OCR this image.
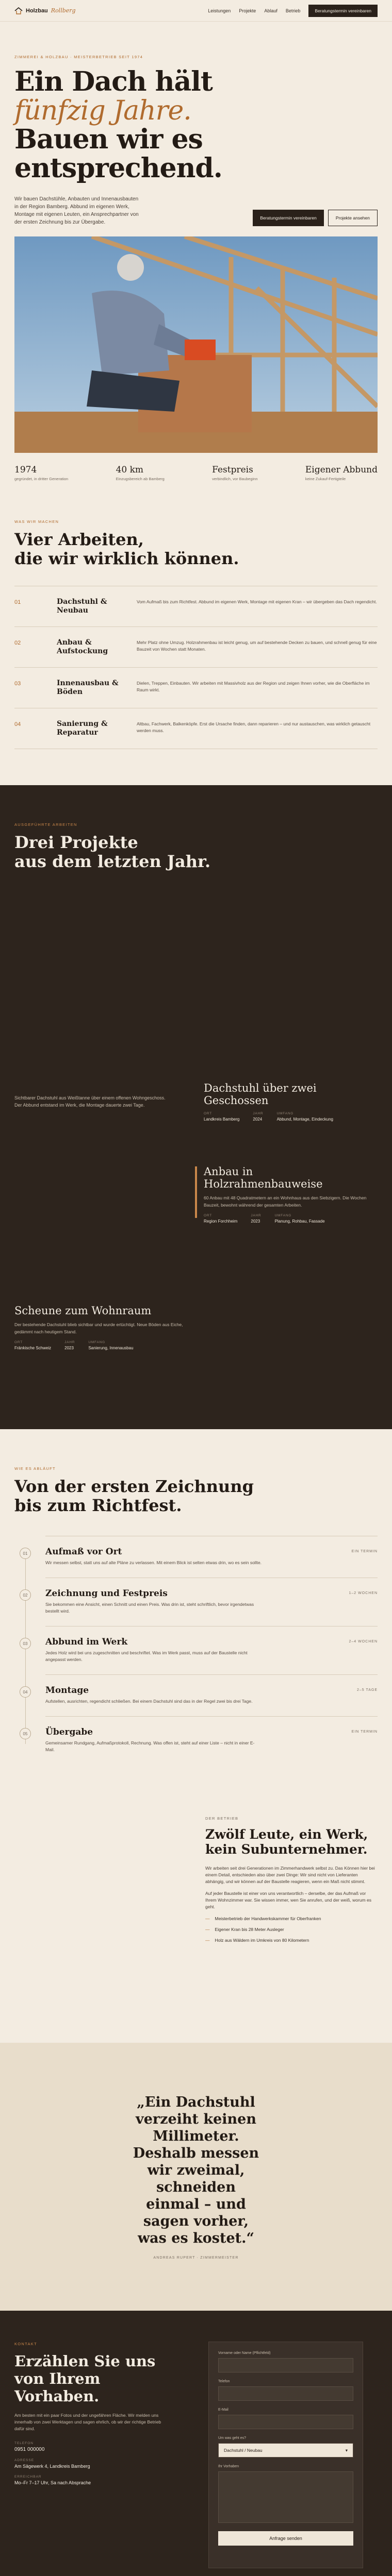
Holzbau Rollberg	Leistungen Projekte Ablauf Betrieb	Beratungstermin vereinbaren
ZIMMEREI & HOLZBAU · MEISTERBETRIEB SEIT 1974
Ein Dach hält
fünfzig Jahre.
Bauen wir es
entsprechend.

Wir bauen Dachstühle, Anbauten und Innenausbauten in der Region Bamberg. Abbund im eigenen Werk, Montage mit eigenen Leuten, ein Ansprechpartner von der ersten Zeichnung bis zur Übergabe.

Beratungstermin vereinbaren	Projekte ansehen
1974
gegründet, in dritter Generation
40 km
Einzugsbereich ab Bamberg
Festpreis
verbindlich, vor Baubeginn
Eigener Abbund
keine Zukauf-Fertigteile
WAS WIR MACHEN
Vier Arbeiten,
die wir wirklich können.
01	Dachstuhl & Neubau
Vom Aufmaß bis zum Richtfest. Abbund im eigenen Werk, Montage mit eigenen Kran – wir übergeben das Dach regendicht.
02	Anbau & Aufstockung
Mehr Platz ohne Umzug. Holzrahmenbau ist leicht genug, um auf bestehende Decken zu bauen, und schnell genug für eine Bauzeit von Wochen statt Monaten.
03	Innenausbau & Böden
Dielen, Treppen, Einbauten. Wir arbeiten mit Massivholz aus der Region und zeigen Ihnen vorher, wie die Oberfläche im Raum wirkt.
04	Sanierung & Reparatur
Altbau, Fachwerk, Balkenköpfe. Erst die Ursache finden, dann reparieren – und nur austauschen, was wirklich getauscht werden muss.
AUSGEFÜHRTE ARBEITEN
Drei Projekte
aus dem letzten Jahr.

Sichtbarer Dachstuhl aus Weißtanne über einem offenen Wohngeschoss. Der Abbund entstand im Werk, die Montage dauerte zwei Tage.

Dachstuhl über zwei Geschossen
ORT
Landkreis Bamberg
JAHR
2024
UMFANG
Abbund, Montage, Eindeckung
Anbau in Holzrahmenbauweise

60 Anbau mit 48 Quadratmetern an ein Wohnhaus aus den Siebzigern. Die Wochen Bauzeit, bewohnt während der gesamten Arbeiten.

ORT
Region Forchheim
JAHR
2023
UMFANG
Planung, Rohbau, Fassade
Scheune zum Wohnraum

Der bestehende Dachstuhl blieb sichtbar und wurde ertüchtigt. Neue Böden aus Eiche, gedämmt nach heutigem Stand.

ORT
Fränkische Schweiz
JAHR
2023
UMFANG
Sanierung, Innenausbau
WIE ES ABLÄUFT
Von der ersten Zeichnung
bis zum Richtfest.
01	Aufmaß vor Ort
Wir messen selbst, statt uns auf alte Pläne zu verlassen. Mit einem Blick ist selten etwas drin, wo es sein sollte.
EIN TERMIN
02	Zeichnung und Festpreis
Sie bekommen eine Ansicht, einen Schnitt und einen Preis. Was drin ist, steht schriftlich, bevor irgendetwas bestellt wird.
1–2 WOCHEN
03	Abbund im Werk
Jedes Holz wird bei uns zugeschnitten und beschriftet. Was im Werk passt, muss auf der Baustelle nicht angepasst werden.
2–4 WOCHEN
04	Montage
Aufstellen, ausrichten, regendicht schließen. Bei einem Dachstuhl sind das in der Regel zwei bis drei Tage.
2–5 TAGE
05	Übergabe
Gemeinsamer Rundgang, Aufmaßprotokoll, Rechnung. Was offen ist, steht auf einer Liste – nicht in einer E-Mail.
EIN TERMIN
DER BETRIEB
Zwölf Leute, ein Werk,
kein Subunternehmer.

Wir arbeiten seit drei Generationen im Zimmerhandwerk selbst zu. Das Können hier bei einem Detail, entschieden also über zwei Dinge: Wir sind nicht von Lieferanten abhängig, und wir können auf der Baustelle reagieren, wenn ein Maß nicht stimmt.

Auf jeder Baustelle ist einer von uns verantwortlich – derselbe, der das Aufmaß vor Ihrem Wohnzimmer war. Sie wissen immer, wen Sie anrufen, und der weiß, worum es geht.

— Meisterbetrieb der Handwerkskammer für Oberfranken
— Eigener Kran bis 28 Meter Ausleger
— Holz aus Wäldern im Umkreis von 80 Kilometern
„Ein Dachstuhl
verzeiht keinen
Millimeter.
Deshalb messen
wir zweimal,
schneiden
einmal – und
sagen vorher,
was es kostet.“
ANDREAS RUPERT · ZIMMERMEISTER
KONTAKT
Erzählen Sie uns
von Ihrem Vorhaben.

Am besten mit ein paar Fotos und der ungefähren Fläche. Wir melden uns innerhalb von zwei Werktagen und sagen ehrlich, ob wir der richtige Betrieb dafür sind.

TELEFON
0951 000000
ADRESSE
Am Sägewerk 4, Landkreis Bamberg
ERREICHBAR
Mo–Fr 7–17 Uhr, Sa nach Absprache
Vorname oder Name (Pflichtfeld)
Telefon
E-Mail
Um was geht es?
Dachstuhl / Neubau	▾
Ihr Vorhaben
Anfrage senden
